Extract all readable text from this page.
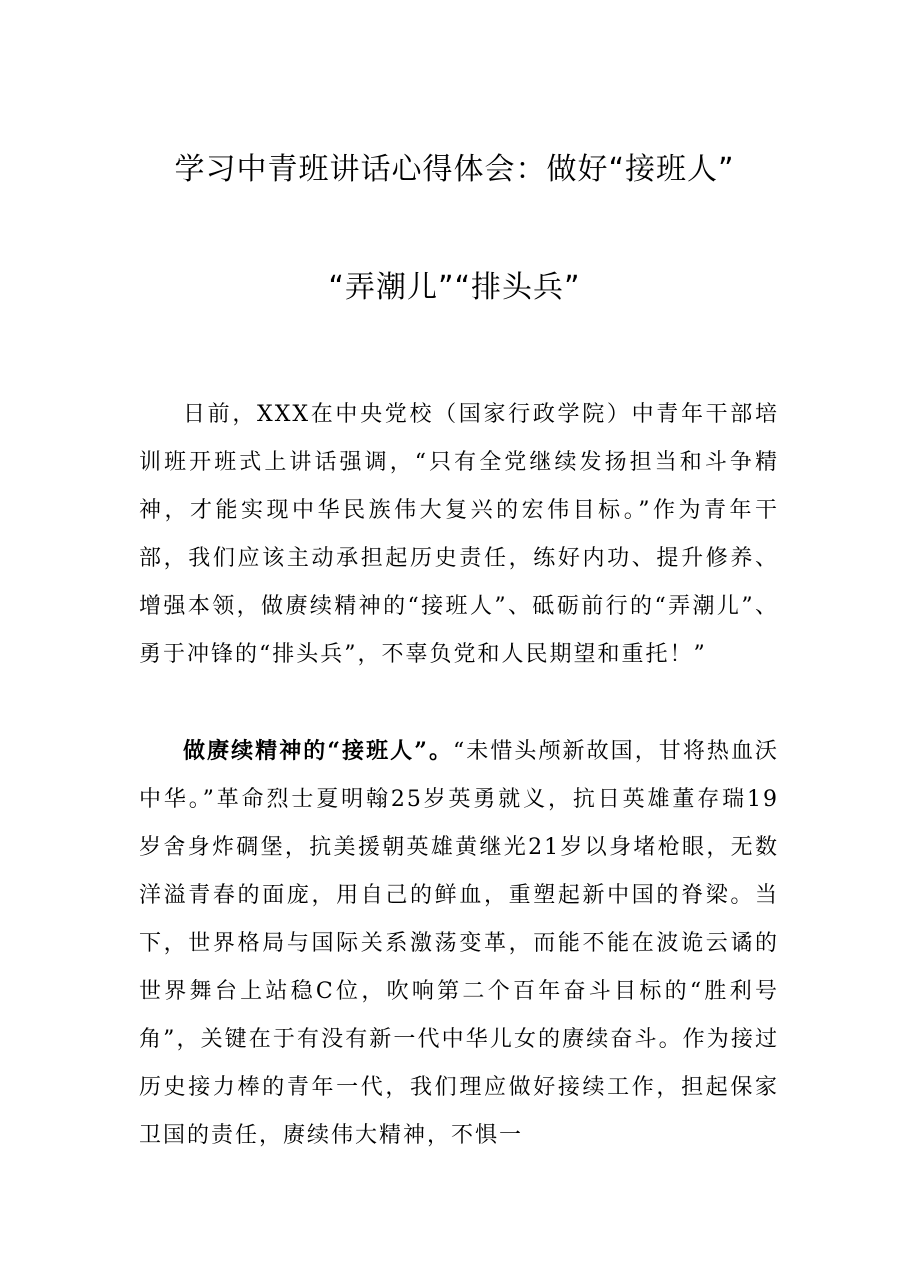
学习中青班讲话心得体会：做好“接班人”
“弄潮儿”“排头兵”

日前，XXX在中央党校（国家行政学院）中青年干部培训班开班式上讲话强调，“只有全党继续发扬担当和斗争精神，才能实现中华民族伟大复兴的宏伟目标。”作为青年干部，我们应该主动承担起历史责任，练好内功、提升修养、增强本领，做赓续精神的“接班人”、砥砺前行的“弄潮儿”、勇于冲锋的“排头兵”，不辜负党和人民期望和重托！”

做赓续精神的“接班人”。“未惜头颅新故国，甘将热血沃中华。”革命烈士夏明翰25岁英勇就义，抗日英雄董存瑞19岁舍身炸碉堡，抗美援朝英雄黄继光21岁以身堵枪眼，无数洋溢青春的面庞，用自己的鲜血，重塑起新中国的脊梁。当下，世界格局与国际关系激荡变革，而能不能在波诡云谲的世界舞台上站稳C位，吹响第二个百年奋斗目标的“胜利号角”，关键在于有没有新一代中华儿女的赓续奋斗。作为接过历史接力棒的青年一代，我们理应做好接续工作，担起保家卫国的责任，赓续伟大精神，不惧一
